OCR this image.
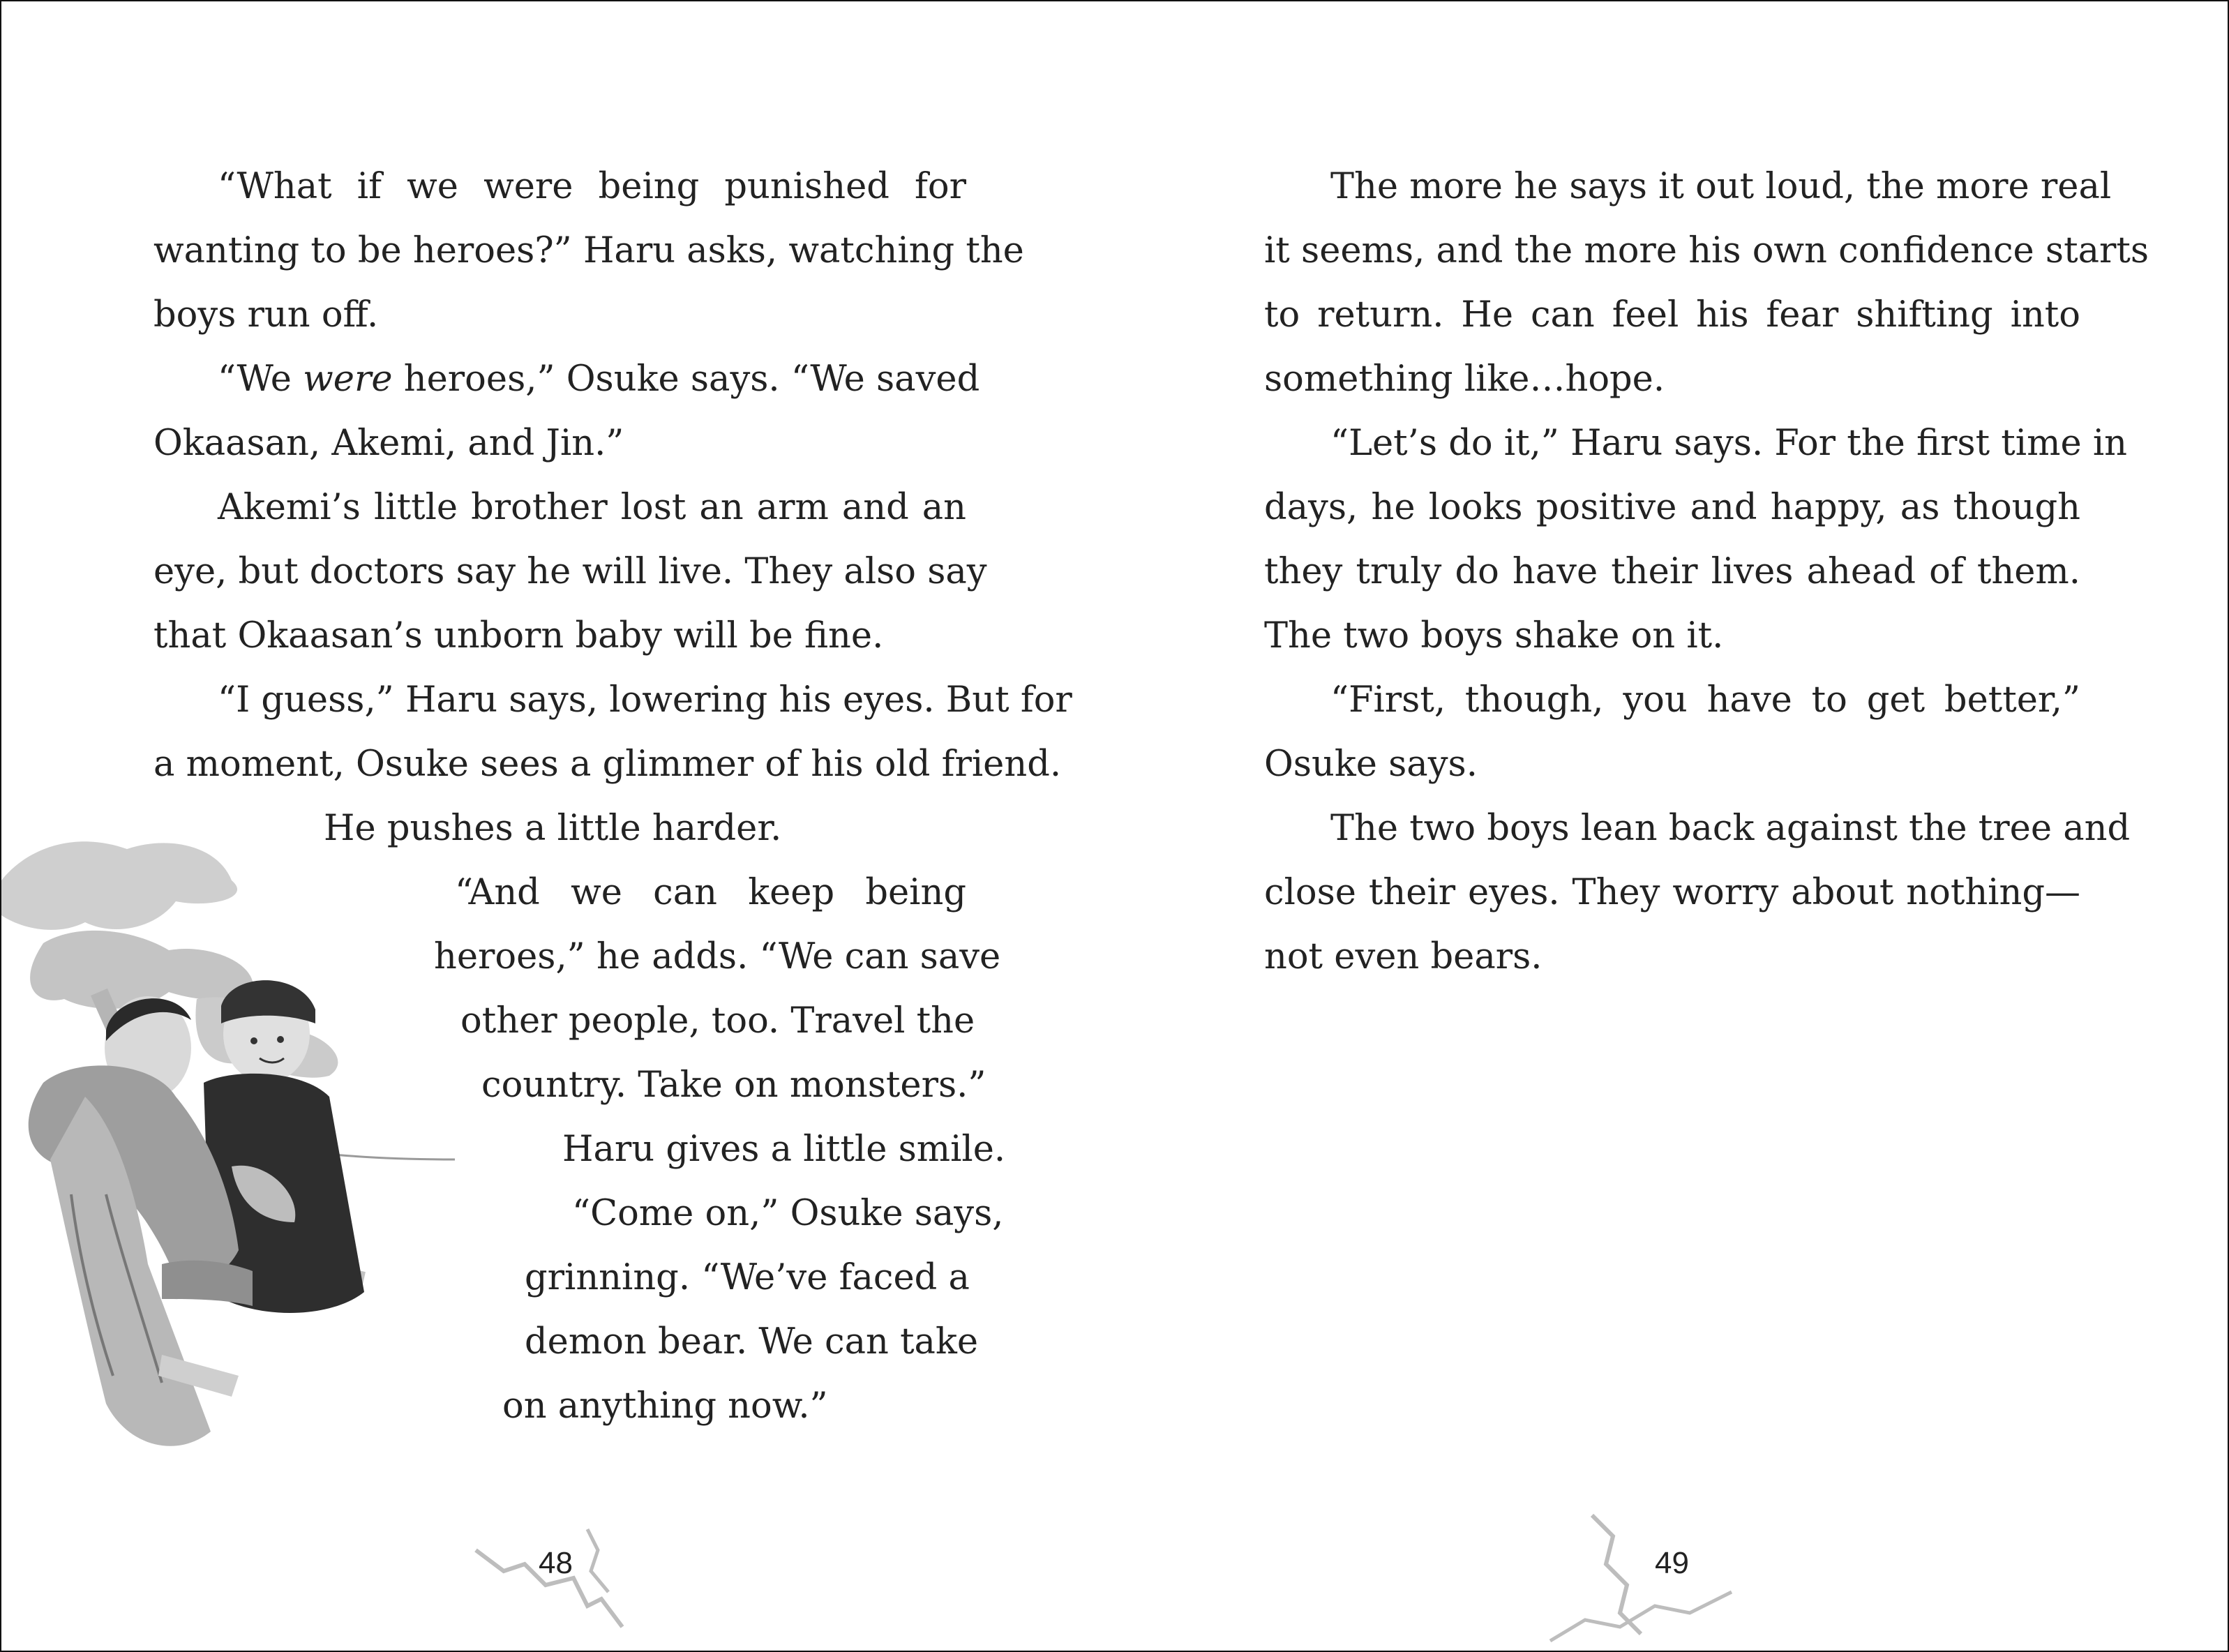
“What if we were being punished for
wanting to be heroes?” Haru asks, watching the
boys run off.
“We were heroes,” Osuke says. “We saved
Okaasan, Akemi, and Jin.”
Akemi’s little brother lost an arm and an
eye, but doctors say he will live. They also say
that Okaasan’s unborn baby will be fine.
“I guess,” Haru says, lowering his eyes. But for
a moment, Osuke sees a glimmer of his old friend.
He pushes a little harder.
“And we can keep being
heroes,” he adds. “We can save
other people, too. Travel the
country. Take on monsters.”
Haru gives a little smile.
“Come on,” Osuke says,
grinning. “We’ve faced a
demon bear. We can take
on anything now.”
48
The more he says it out loud, the more real
it seems, and the more his own confidence starts
to return. He can feel his fear shifting into
something like…hope.
“Let’s do it,” Haru says. For the first time in
days, he looks positive and happy, as though
they truly do have their lives ahead of them.
The two boys shake on it.
“First, though, you have to get better,”
Osuke says.
The two boys lean back against the tree and
close their eyes. They worry about nothing—
not even bears.
49
